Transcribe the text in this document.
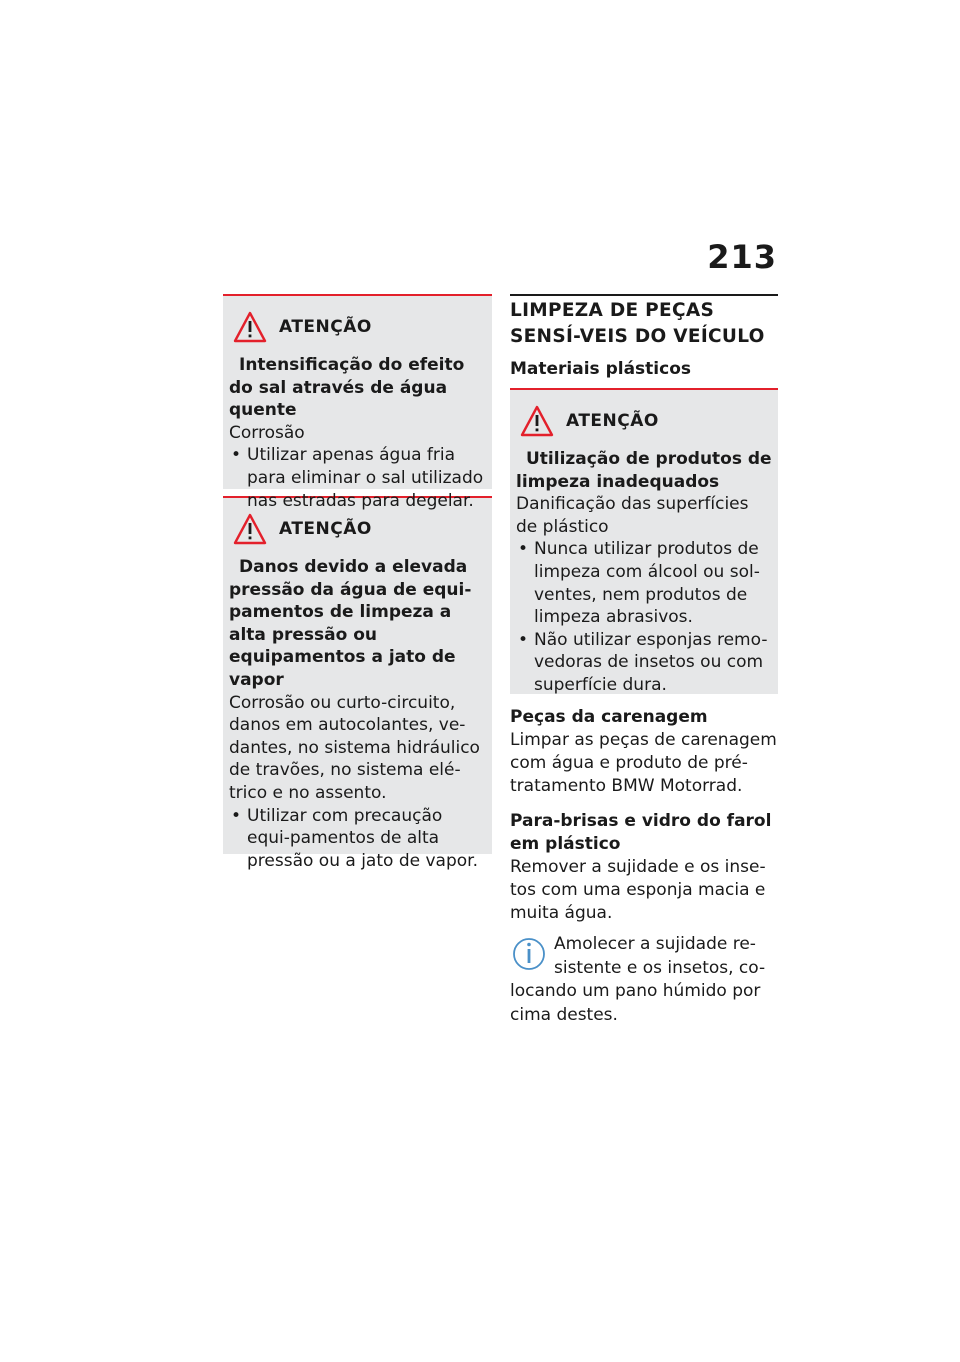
213
ATENÇÃO

Intensificação do efeito do sal através de água quente

Corrosão

• Utilizar apenas água fria para eliminar o sal utilizado nas estradas para degelar.
ATENÇÃO

Danos devido a elevada pressão da água de equi-pamentos de limpeza a alta pressão ou equipamentos a jato de vapor

Corrosão ou curto-circuito, danos em autocolantes, ve-dantes, no sistema hidráulico de travões, no sistema elé-trico e no assento.

• Utilizar com precaução equi-pamentos de alta pressão ou a jato de vapor.
LIMPEZA DE PEÇAS SENSÍ-VEIS DO VEÍCULO
Materiais plásticos
ATENÇÃO

Utilização de produtos de limpeza inadequados

Danificação das superfícies de plástico

• Nunca utilizar produtos de limpeza com álcool ou sol-ventes, nem produtos de limpeza abrasivos.
• Não utilizar esponjas remo-vedoras de insetos ou com superfície dura.

Peças da carenagem

Limpar as peças de carenagem com água e produto de pré-tratamento BMW Motorrad.

Para-brisas e vidro do farol em plástico

Remover a sujidade e os inse-tos com uma esponja macia e muita água.

Amolecer a sujidade re-sistente e os insetos, co-locando um pano húmido por cima destes.
